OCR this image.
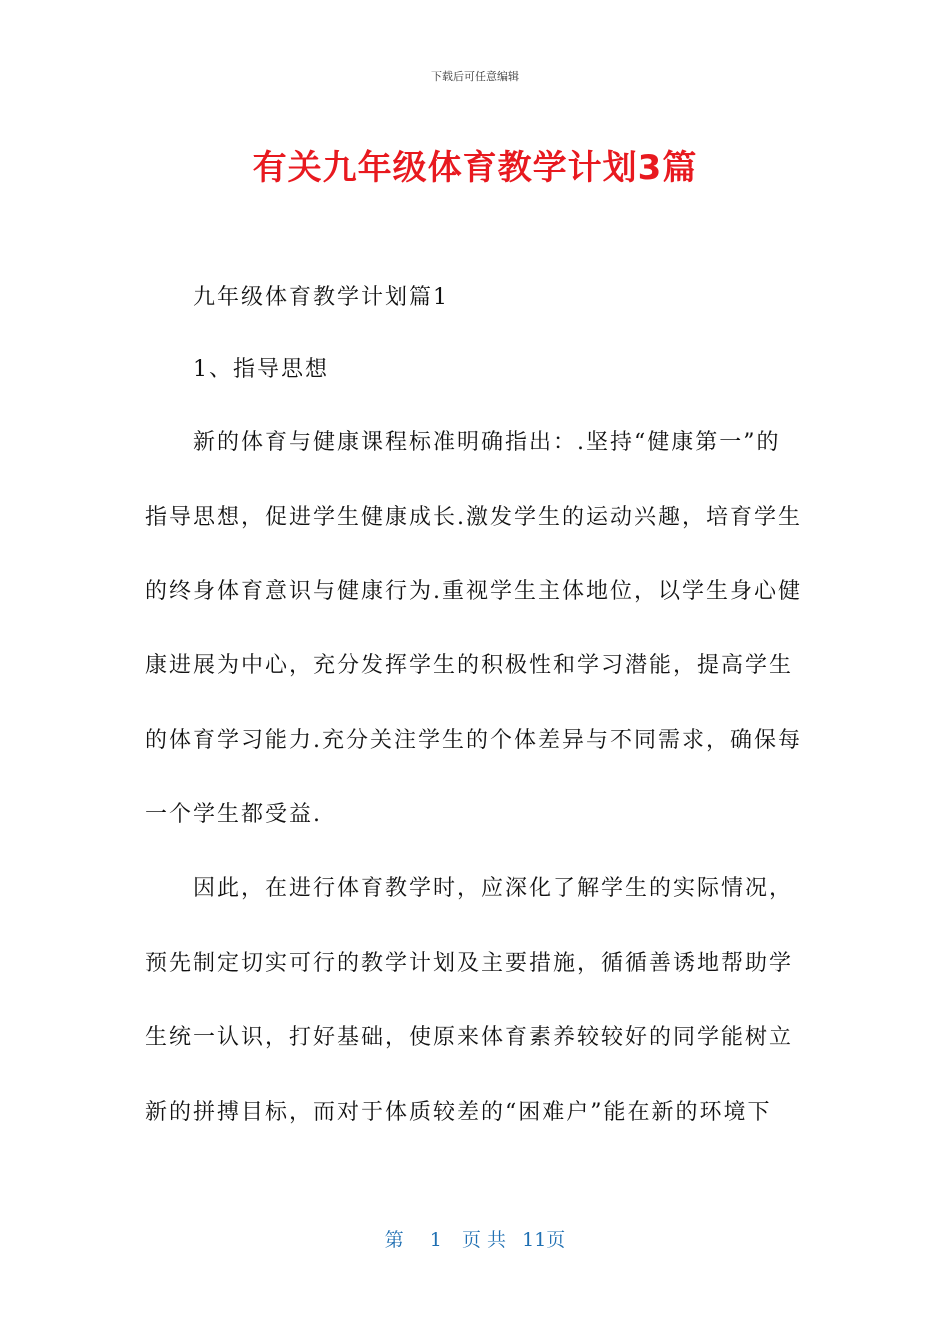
下载后可任意编辑
有关九年级体育教学计划3篇
九年级体育教学计划篇1
1、指导思想
新的体育与健康课程标准明确指出：.坚持“健康第一”的
指导思想，促进学生健康成长.激发学生的运动兴趣，培育学生
的终身体育意识与健康行为.重视学生主体地位，以学生身心健
康进展为中心，充分发挥学生的积极性和学习潜能，提高学生
的体育学习能力.充分关注学生的个体差异与不同需求，确保每
一个学生都受益.
因此，在进行体育教学时，应深化了解学生的实际情况，
预先制定切实可行的教学计划及主要措施，循循善诱地帮助学
生统一认识，打好基础，使原来体育素养较较好的同学能树立
新的拼搏目标，而对于体质较差的“困难户”能在新的环境下
第 1 页 共 11页
